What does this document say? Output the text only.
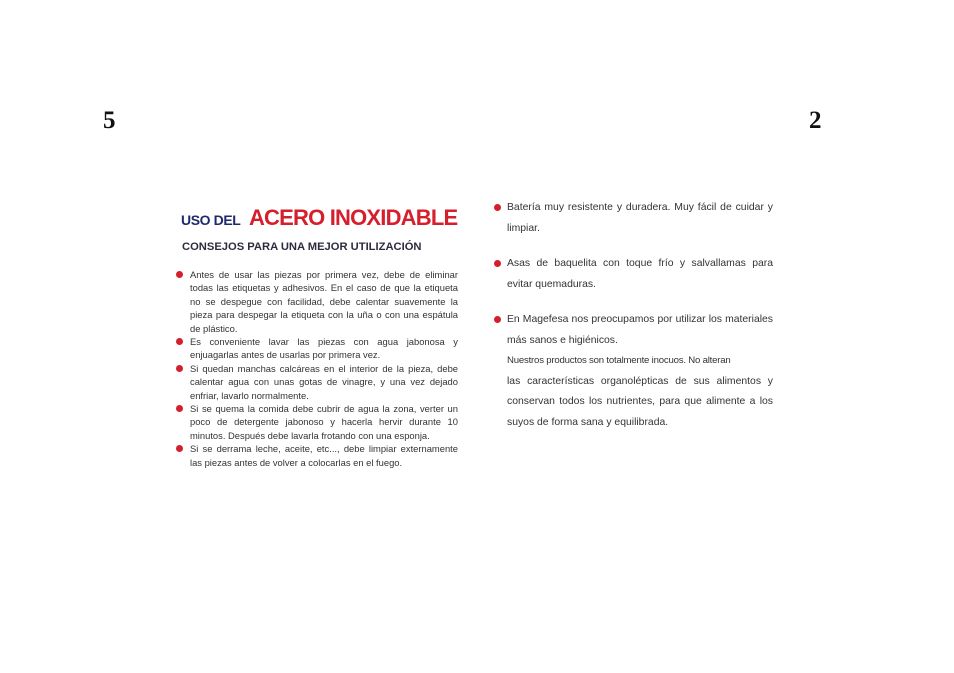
5	2
USO DEL ACERO INOXIDABLE
CONSEJOS PARA UNA MEJOR UTILIZACIÓN
Antes de usar las piezas por primera vez, debe de eliminar todas las etiquetas y adhesivos. En el caso de que la etiqueta no se despegue con facilidad, debe calentar suavemente la pieza para despegar la etiqueta con la uña o con una espátula de plástico.
Es conveniente lavar las piezas con agua jabonosa y enjuagarlas antes de usarlas por primera vez.
Si quedan manchas calcáreas en el interior de la pieza, debe calentar agua con unas gotas de vinagre, y una vez dejado enfriar, lavarlo normalmente.
Si se quema la comida debe cubrir de agua la zona, verter un poco de detergente jabonoso y hacerla hervir durante 10 minutos. Después debe lavarla frotando con una esponja.
Si se derrama leche, aceite, etc..., debe limpiar externamente las piezas antes de volver a colocarlas en el fuego.
Batería muy resistente y duradera. Muy fácil de cuidar y limpiar.
Asas de baquelita con toque frío y salvallamas para evitar quemaduras.
En Magefesa nos preocupamos por utilizar los materiales más sanos e higiénicos.
Nuestros productos son totalmente inocuos. No alteran
las características organolépticas de sus alimentos y conservan todos los nutrientes, para que alimente a los suyos de forma sana y equilibrada.
